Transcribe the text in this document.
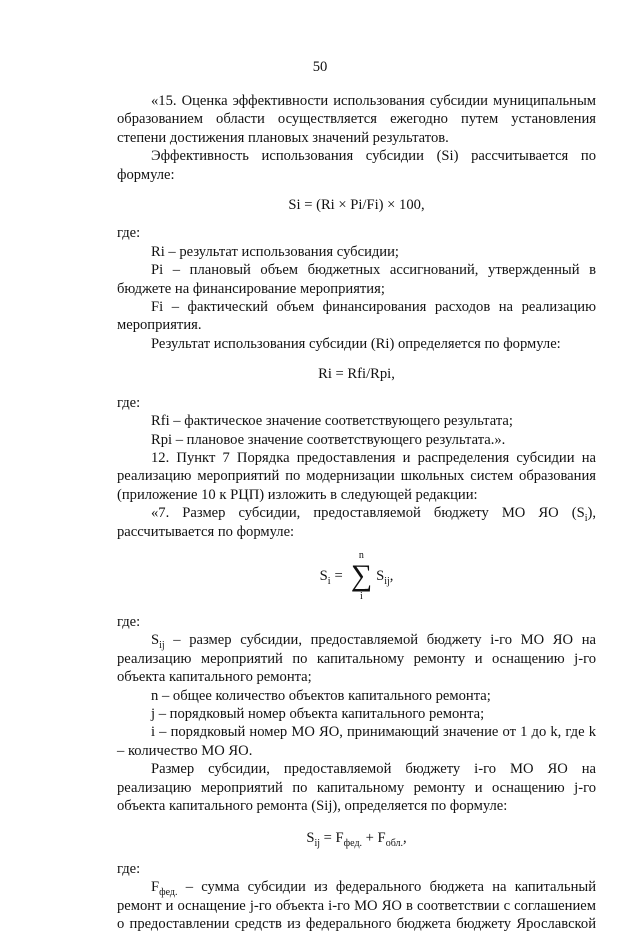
50

«15. Оценка эффективности использования субсидии муниципальным образованием области осуществляется ежегодно путем установления степени достижения плановых значений результатов.

Эффективность использования субсидии (Si) рассчитывается по формуле:

Si = (Ri × Pi/Fi) × 100,

где:

Ri – результат использования субсидии;

Pi – плановый объем бюджетных ассигнований, утвержденный в бюджете на финансирование мероприятия;

Fi – фактический объем финансирования расходов на реализацию мероприятия.

Результат использования субсидии (Ri) определяется по формуле:

Ri = Rfi/Rpi,

где:

Rfi – фактическое значение соответствующего результата;

Rpi – плановое значение соответствующего результата.».

12. Пункт 7 Порядка предоставления и распределения субсидии на реализацию мероприятий по модернизации школьных систем образования (приложение 10 к РЦП) изложить в следующей редакции:

«7. Размер субсидии, предоставляемой бюджету МО ЯО $(S_i)$, рассчитывается по формуле:

$S_i$ =
n
∑
i
$S_{ij}$,

где:

$S_{ij}$ – размер субсидии, предоставляемой бюджету i-го МО ЯО на реализацию мероприятий по капитальному ремонту и оснащению j-го объекта капитального ремонта;

n – общее количество объектов капитального ремонта;

j – порядковый номер объекта капитального ремонта;

i – порядковый номер МО ЯО, принимающий значение от 1 до k, где k – количество МО ЯО.

Размер субсидии, предоставляемой бюджету i-го МО ЯО на реализацию мероприятий по капитальному ремонту и оснащению j-го объекта капитального ремонта (Sij), определяется по формуле:

$S_{ij} = F_{фед.} + F_{обл.}$,

где:

$F_{фед.}$ – сумма субсидии из федерального бюджета на капитальный ремонт и оснащение j-го объекта i-го МО ЯО в соответствии с соглашением о предоставлении средств из федерального бюджета бюджету Ярославской
